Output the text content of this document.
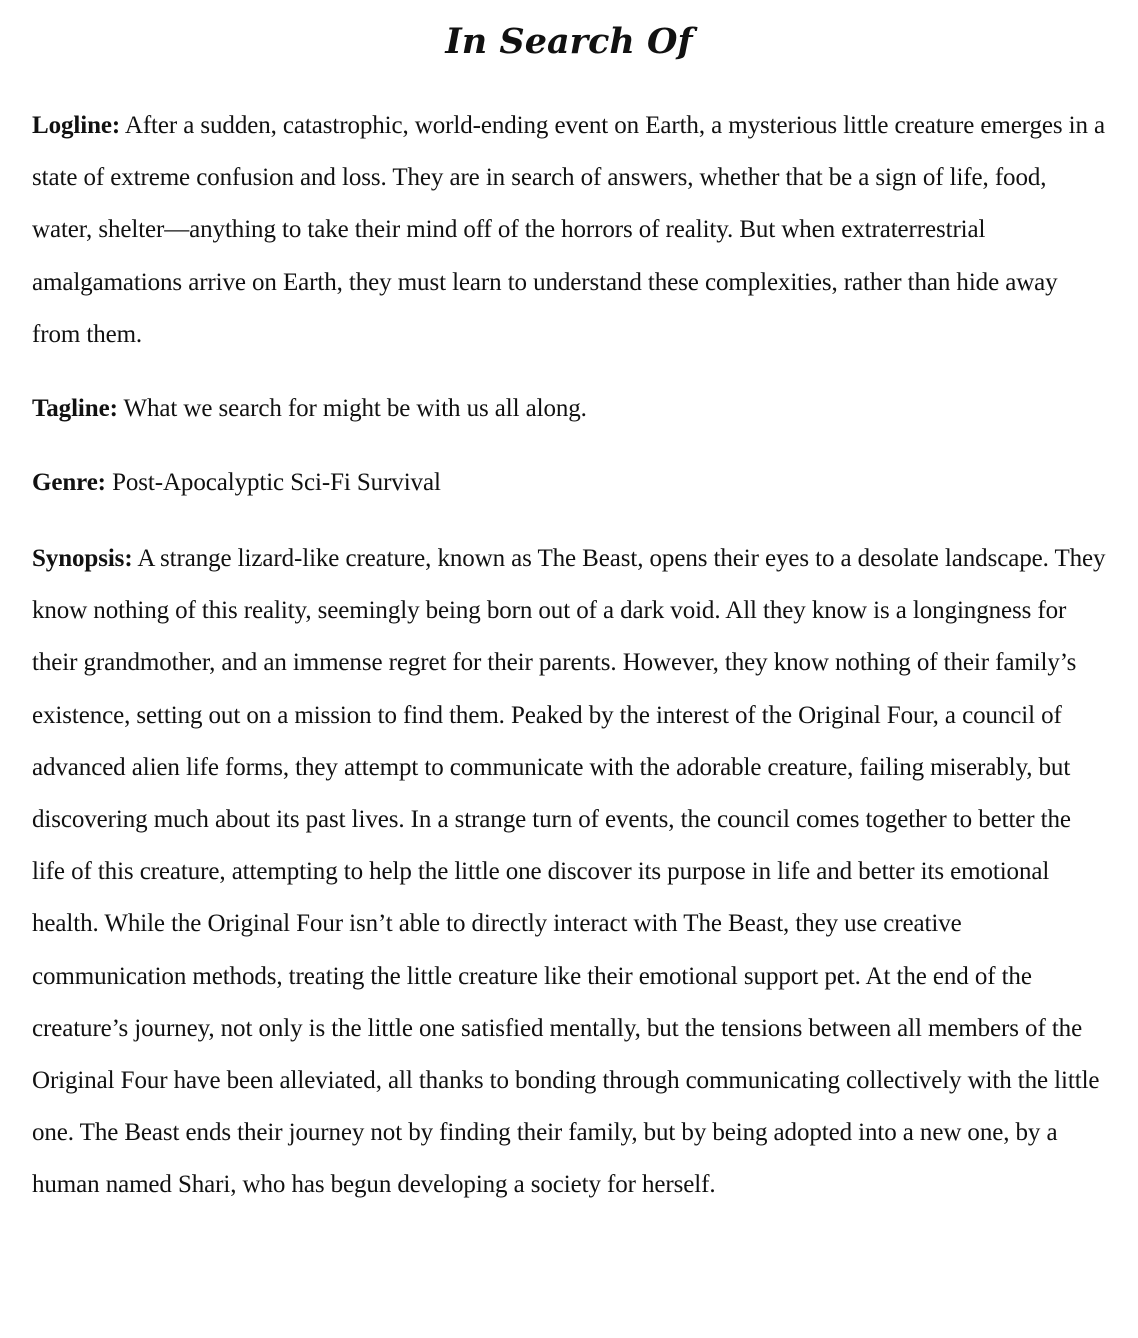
In Search Of

Logline: After a sudden, catastrophic, world-ending event on Earth, a mysterious little creature emerges in a state of extreme confusion and loss. They are in search of answers, whether that be a sign of life, food, water, shelter—anything to take their mind off of the horrors of reality. But when extraterrestrial amalgamations arrive on Earth, they must learn to understand these complexities, rather than hide away from them.

Tagline: What we search for might be with us all along.

Genre: Post-Apocalyptic Sci-Fi Survival

Synopsis: A strange lizard-like creature, known as The Beast, opens their eyes to a desolate landscape. They know nothing of this reality, seemingly being born out of a dark void. All they know is a longingness for their grandmother, and an immense regret for their parents. However, they know nothing of their family’s existence, setting out on a mission to find them. Peaked by the interest of the Original Four, a council of advanced alien life forms, they attempt to communicate with the adorable creature, failing miserably, but discovering much about its past lives. In a strange turn of events, the council comes together to better the life of this creature, attempting to help the little one discover its purpose in life and better its emotional health. While the Original Four isn’t able to directly interact with The Beast, they use creative communication methods, treating the little creature like their emotional support pet. At the end of the creature’s journey, not only is the little one satisfied mentally, but the tensions between all members of the Original Four have been alleviated, all thanks to bonding through communicating collectively with the little one. The Beast ends their journey not by finding their family, but by being adopted into a new one, by a human named Shari, who has begun developing a society for herself.
